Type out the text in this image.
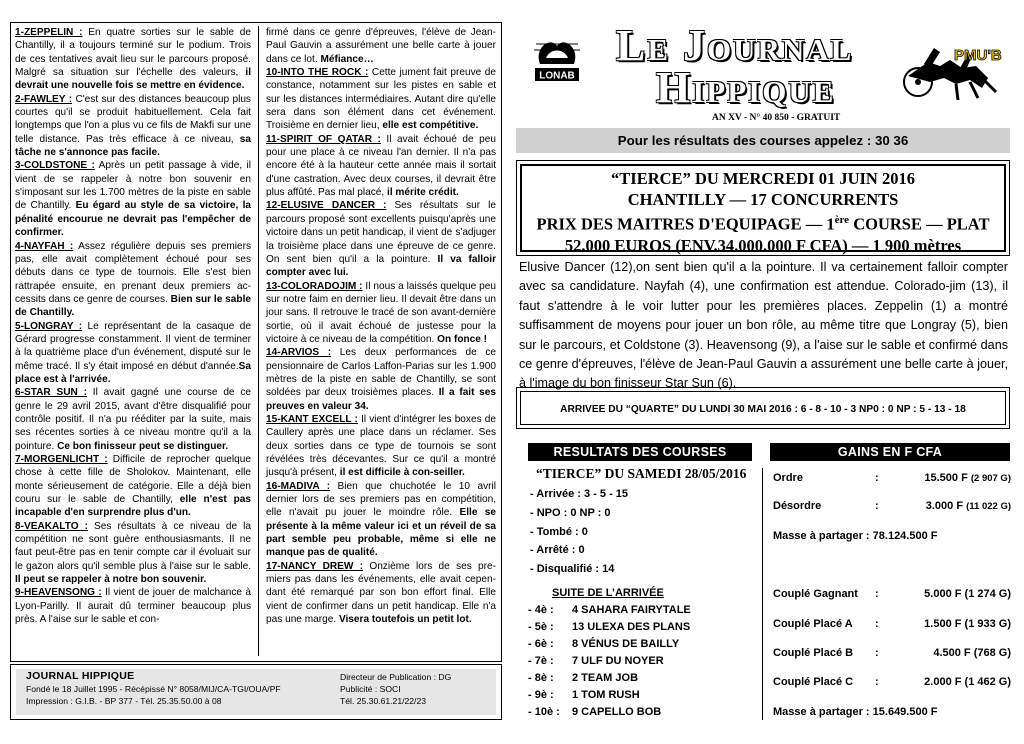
1-ZEPPELIN : En quatre sorties sur le sable de Chantilly, il a toujours terminé sur le podium. Trois de ces tentatives avait lieu sur le parcours proposé. Malgré sa situation sur l'échelle des valeurs, il devrait une nouvelle fois se mettre en évidence.

2-FAWLEY : C'est sur des distances beaucoup plus courtes qu'il se produit habituellement. Cela fait longtemps que l'on a plus vu ce fils de Makfi sur une telle distance. Pas très efficace à ce niveau, sa tâche ne s'annonce pas facile.

3-COLDSTONE : Après un petit passage à vide, il vient de se rappeler à notre bon souvenir en s'imposant sur les 1.700 mètres de la piste en sable de Chantilly. Eu égard au style de sa victoire, la pénalité encourue ne devrait pas l'empêcher de confirmer.

4-NAYFAH : Assez régulière depuis ses premiers pas, elle avait complètement échoué pour ses débuts dans ce type de tournois. Elle s'est bien rattrapée ensuite, en prenant deux premiers ac-cessits dans ce genre de courses. Bien sur le sable de Chantilly.

5-LONGRAY : Le représentant de la casaque de Gérard progresse constamment. Il vient de terminer à la quatrième place d'un événement, disputé sur le même tracé. Il s'y était imposé en début d'année.Sa place est à l'arrivée.

6-STAR SUN : Il avait gagné une course de ce genre le 29 avril 2015, avant d'être disqualifié pour contrôle positif. Il n'a pu rééditer par la suite, mais ses récentes sorties à ce niveau montre qu'il a la pointure. Ce bon finisseur peut se distinguer.

7-MORGENLICHT : Difficile de reprocher quelque chose à cette fille de Sholokov. Maintenant, elle monte sérieusement de catégorie. Elle a déjà bien couru sur le sable de Chantilly, elle n'est pas incapable d'en surprendre plus d'un.

8-VEAKALTO : Ses résultats à ce niveau de la compétition ne sont guère enthousiasmants. Il ne faut peut-être pas en tenir compte car il évoluait sur le gazon alors qu'il semble plus à l'aise sur le sable. Il peut se rappeler à notre bon souvenir.

9-HEAVENSONG : Il vient de jouer de malchance à Lyon-Parilly. Il aurait dû terminer beaucoup plus près. A l'aise sur le sable et con-

firmé dans ce genre d'épreuves, l'élève de Jean-Paul Gauvin a assurément une belle carte à jouer dans ce lot. Méfiance…

10-INTO THE ROCK : Cette jument fait preuve de constance, notamment sur les pistes en sable et sur les distances intermédiaires. Autant dire qu'elle sera dans son élément dans cet événement. Troisième en dernier lieu, elle est compétitive.

11-SPIRIT OF QATAR : Il avait échoué de peu pour une place à ce niveau l'an dernier. Il n'a pas encore été à la hauteur cette année mais il sortait d'une castration. Avec deux courses, il devrait être plus affûté. Pas mal placé, il mérite crédit.

12-ELUSIVE DANCER : Ses résultats sur le parcours proposé sont excellents puisqu'après une victoire dans un petit handicap, il vient de s'adjuger la troisième place dans une épreuve de ce genre. On sent bien qu'il a la pointure. Il va falloir compter avec lui.

13-COLORADOJIM : Il nous a laissés quelque peu sur notre faim en dernier lieu. Il devait être dans un jour sans. Il retrouve le tracé de son avant-dernière sortie, où il avait échoué de justesse pour la victoire à ce niveau de la compétition. On fonce !

14-ARVIOS : Les deux performances de ce pensionnaire de Carlos Laffon-Parias sur les 1.900 mètres de la piste en sable de Chantilly, se sont soldées par deux troisièmes places. Il a fait ses preuves en valeur 34.

15-KANT EXCELL : Il vient d'intégrer les boxes de Caullery après une place dans un réclamer. Ses deux sorties dans ce type de tournois se sont révélées très décevantes. Sur ce qu'il a montré jusqu'à présent, il est difficile à con-seiller.

16-MADIVA : Bien que chuchotée le 10 avril dernier lors de ses premiers pas en compétition, elle n'avait pu jouer le moindre rôle. Elle se présente à la même valeur ici et un réveil de sa part semble peu probable, même si elle ne manque pas de qualité.

17-NANCY DREW : Onzième lors de ses pre-miers pas dans les événements, elle avait cepen-dant été remarqué par son bon effort final. Elle vient de confirmer dans un petit handicap. Elle n'a pas une marge. Visera toutefois un petit lot.

JOURNAL HIPPIQUE
Fondé le 18 Juillet 1995 - Récépissé N° 8058/MIJ/CA-TGI/OUA/PF
Impression : G.I.B. - BP 377 - Tél. 25.35.50.00 à 08
Directeur de Publication : DG
Publicité : SOCI
Tél. 25.30.61.21/22/23
LONAB
Le Journal
Hippique
PMU'B
AN XV - N° 40 850 - GRATUIT
Pour les résultats des courses appelez : 30 36
“TIERCE” DU MERCREDI 01 JUIN 2016
CHANTILLY — 17 CONCURRENTS
PRIX DES MAITRES D'EQUIPAGE — 1ère COURSE — PLAT
52.000 EUROS (ENV.34.000.000 F CFA) — 1 900 mètres
Elusive Dancer (12),on sent bien qu'il a la pointure. Il va certainement falloir compter avec sa candidature. Nayfah (4), une confirmation est attendue. Colorado-jim (13), il faut s'attendre à le voir lutter pour les premières places. Zeppelin (1) a montré suffisamment de moyens pour jouer un bon rôle, au même titre que Longray (5), bien sur le parcours, et Coldstone (3). Heavensong (9), a l'aise sur le sable et confirmé dans ce genre d'épreuves, l'élève de Jean-Paul Gauvin a assurément une belle carte à jouer, à l'image du bon finisseur Star Sun (6).
ARRIVEE DU “QUARTE” DU LUNDI 30 MAI 2016 : 6 - 8 - 10 - 3 NP0 : 0 NP : 5 - 13 - 18
RESULTATS DES COURSES	GAINS EN F CFA
“TIERCE” DU SAMEDI 28/05/2016
- Arrivée : 3 - 5 - 15
- NPO : 0 NP : 0
- Tombé : 0
- Arrêté : 0
- Disqualifié : 14
SUITE DE L’ARRIVÉE
- 4è : 4 SAHARA FAIRYTALE
- 5è : 13 ULEXA DES PLANS
- 6è : 8 VÉNUS DE BAILLY
- 7è : 7 ULF DU NOYER
- 8è : 2 TEAM JOB
- 9è : 1 TOM RUSH
- 10è : 9 CAPELLO BOB
Ordre	:	15.500 F (2 907 G)
Désordre	:	3.000 F (11 022 G)
Masse à partager : 78.124.500 F
Couplé Gagnant :	5.000 F (1 274 G)
Couplé Placé A :	1.500 F (1 933 G)
Couplé Placé B :	4.500 F (768 G)
Couplé Placé C :	2.000 F (1 462 G)
Masse à partager : 15.649.500 F
